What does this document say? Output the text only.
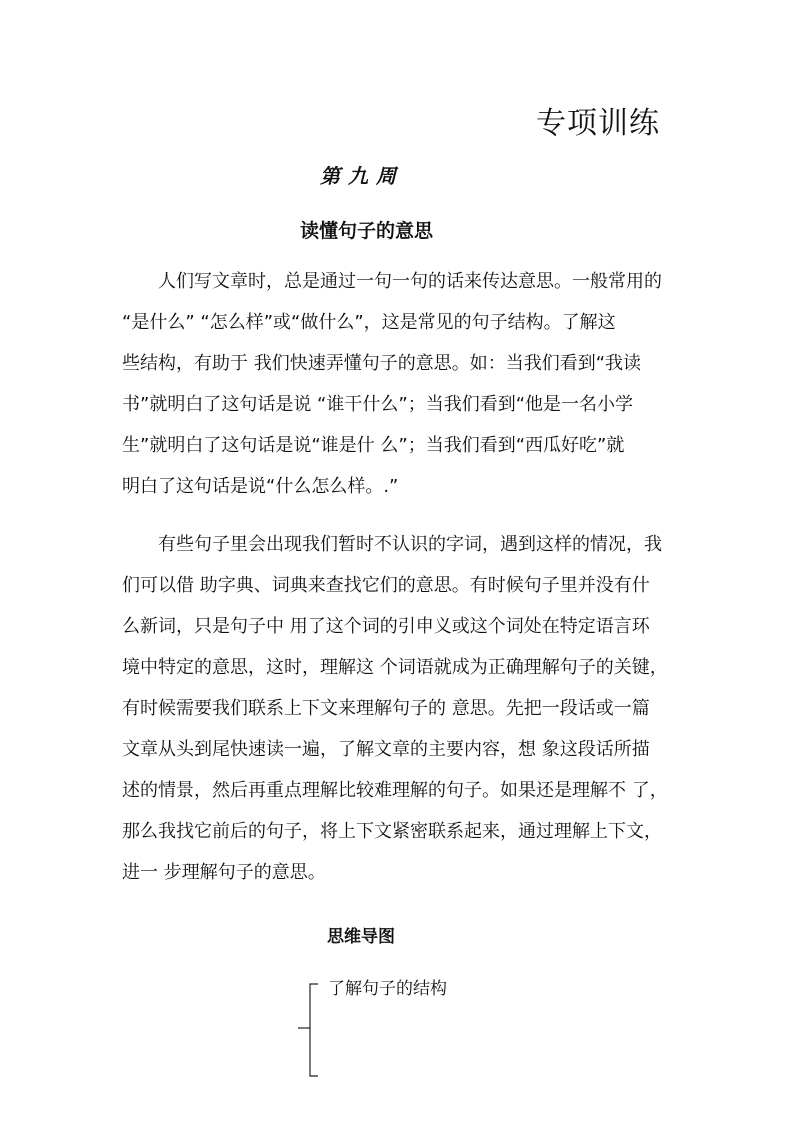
专项训练
第九周
读懂句子的意思

　　人们写文章时，总是通过一句一句的话来传达意思。一般常用的
“是什么” “怎么样”或“做什么”，这是常见的句子结构。了解这
些结构，有助于 我们快速弄懂句子的意思。如：当我们看到“我读
书”就明白了这句话是说 “谁干什么”；当我们看到“他是一名小学
生”就明白了这句话是说“谁是什 么”；当我们看到“西瓜好吃”就
明白了这句话是说“什么怎么样。.”

　　有些句子里会出现我们暂时不认识的字词，遇到这样的情况，我
们可以借 助字典、词典来查找它们的意思。有时候句子里并没有什
么新词，只是句子中 用了这个词的引申义或这个词处在特定语言环
境中特定的意思，这时，理解这 个词语就成为正确理解句子的关键，
有时候需要我们联系上下文来理解句子的 意思。先把一段话或一篇
文章从头到尾快速读一遍，了解文章的主要内容，想 象这段话所描
述的情景，然后再重点理解比较难理解的句子。如果还是理解不 了，
那么我找它前后的句子，将上下文紧密联系起来，通过理解上下文，
进一 步理解句子的意思。

思维导图
了解句子的结构
